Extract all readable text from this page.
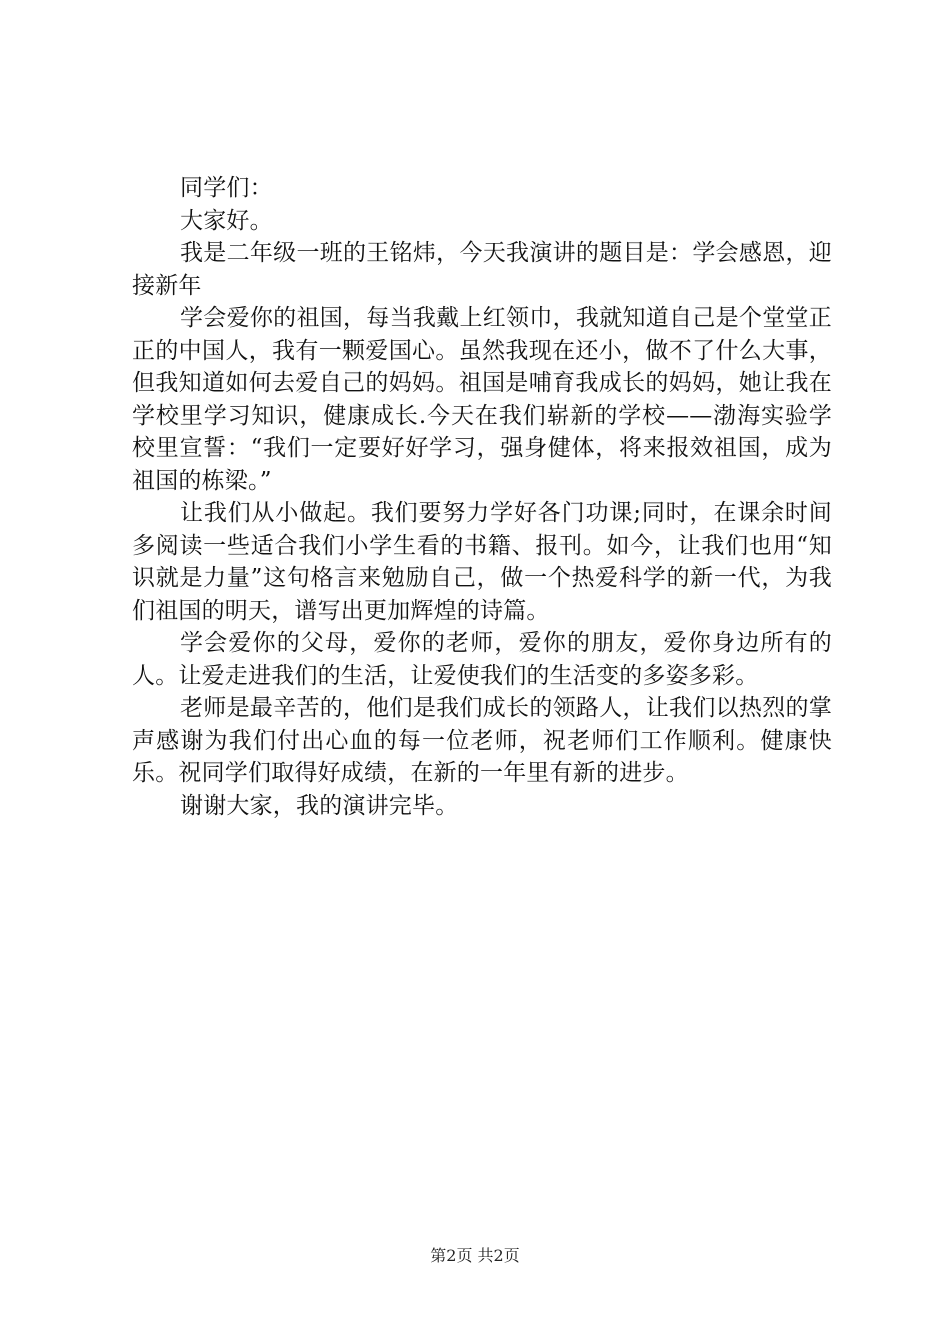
同学们：

大家好。

我是二年级一班的王铭炜，今天我演讲的题目是：学会感恩，迎接新年

学会爱你的祖国，每当我戴上红领巾，我就知道自己是个堂堂正正的中国人，我有一颗爱国心。虽然我现在还小，做不了什么大事，但我知道如何去爱自己的妈妈。祖国是哺育我成长的妈妈，她让我在学校里学习知识，健康成长.今天在我们崭新的学校——渤海实验学校里宣誓：“我们一定要好好学习，强身健体，将来报效祖国，成为祖国的栋梁。”

让我们从小做起。我们要努力学好各门功课;同时，在课余时间多阅读一些适合我们小学生看的书籍、报刊。如今，让我们也用“知识就是力量”这句格言来勉励自己，做一个热爱科学的新一代，为我们祖国的明天，谱写出更加辉煌的诗篇。

学会爱你的父母，爱你的老师，爱你的朋友，爱你身边所有的人。让爱走进我们的生活，让爱使我们的生活变的多姿多彩。

老师是最辛苦的，他们是我们成长的领路人，让我们以热烈的掌声感谢为我们付出心血的每一位老师，祝老师们工作顺利。健康快乐。祝同学们取得好成绩，在新的一年里有新的进步。

谢谢大家，我的演讲完毕。

第2页 共2页
